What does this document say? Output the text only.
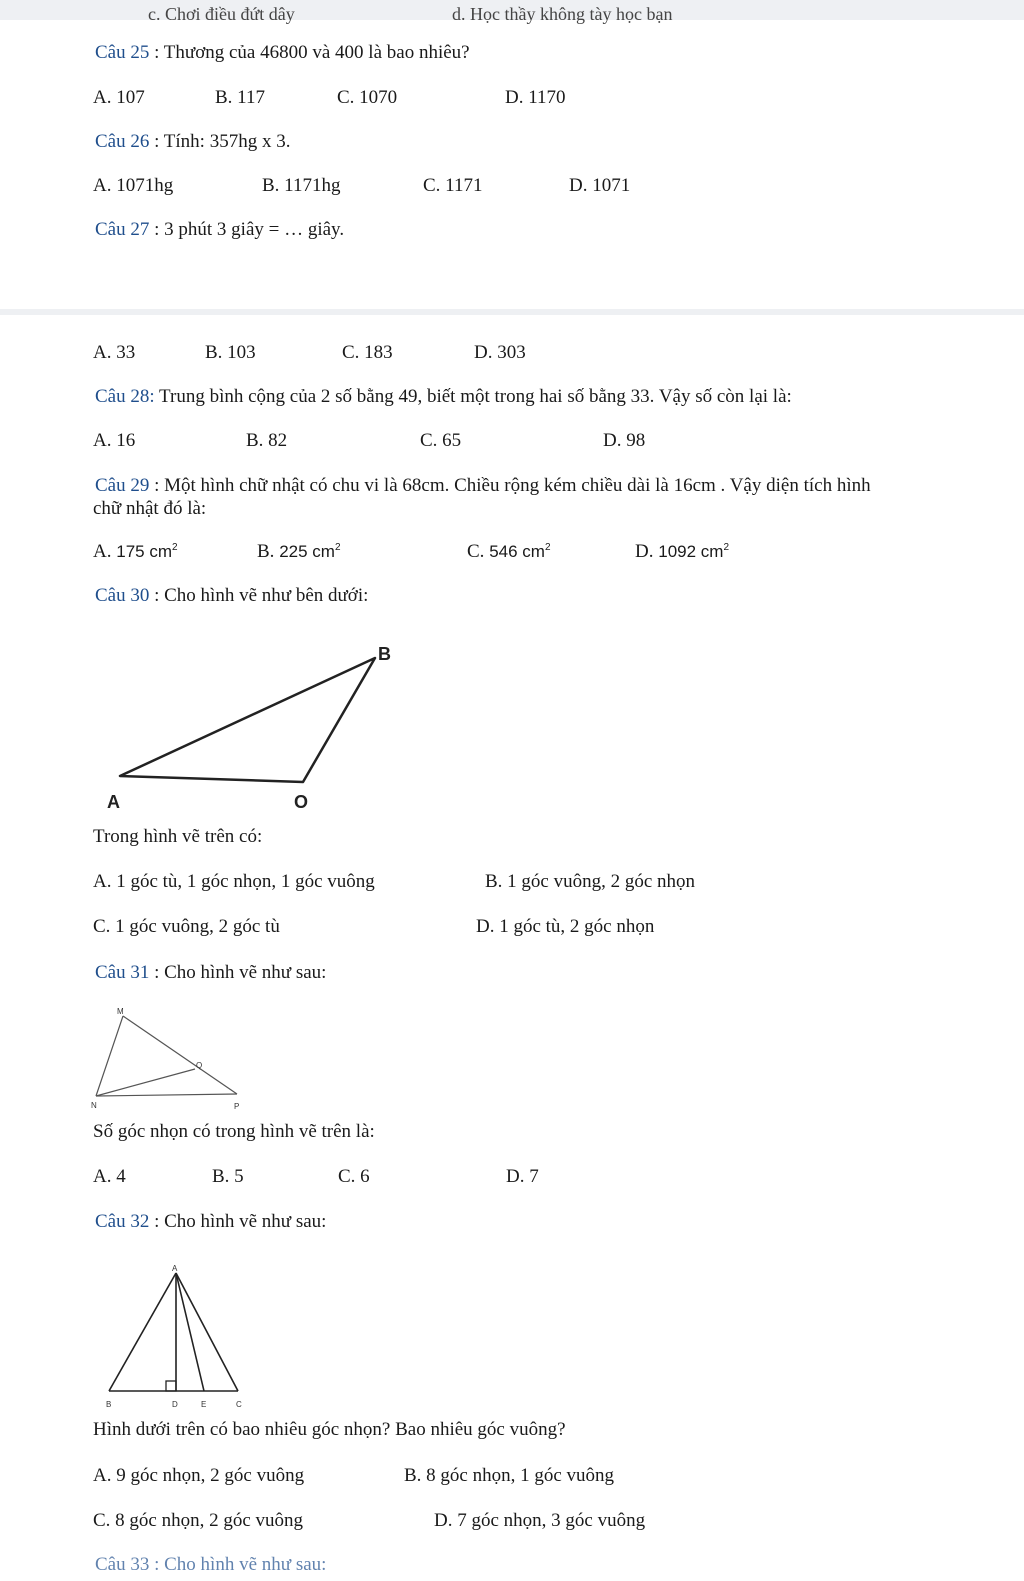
c. Chơi điều đứt dây	d. Học thầy không tày học bạn
Câu 25 : Thương của 46800 và 400 là bao nhiêu?
A. 107	B. 117	C. 1070	D. 1170
Câu 26 : Tính: 357hg x 3.
A. 1071hg	B. 1171hg	C. 1171	D. 1071
Câu 27 : 3 phút 3 giây = … giây.
A. 33	B. 103	C. 183	D. 303
Câu 28: Trung bình cộng của 2 số bằng 49, biết một trong hai số bằng 33. Vậy số còn lại là:
A. 16	B. 82	C. 65	D. 98
Câu 29 : Một hình chữ nhật có chu vi là 68cm. Chiều rộng kém chiều dài là 16cm . Vậy diện tích hình
chữ nhật đó là:
A. 175 $cm^2$	B. 225 $cm^2$	C. 546 $cm^2$	D. 1092 $cm^2$
Câu 30 : Cho hình vẽ như bên dưới:
B
A	O
M
Q
N	P
A
B	D	E	C
Trong hình vẽ trên có:
A. 1 góc tù, 1 góc nhọn, 1 góc vuông	B. 1 góc vuông, 2 góc nhọn
C. 1 góc vuông, 2 góc tù	D. 1 góc tù, 2 góc nhọn
Câu 31 : Cho hình vẽ như sau:
Số góc nhọn có trong hình vẽ trên là:
A. 4	B. 5	C. 6	D. 7
Câu 32 : Cho hình vẽ như sau:
Hình dưới trên có bao nhiêu góc nhọn? Bao nhiêu góc vuông?
A. 9 góc nhọn, 2 góc vuông	B. 8 góc nhọn, 1 góc vuông
C. 8 góc nhọn, 2 góc vuông	D. 7 góc nhọn, 3 góc vuông
Câu 33 : Cho hình vẽ như sau:
